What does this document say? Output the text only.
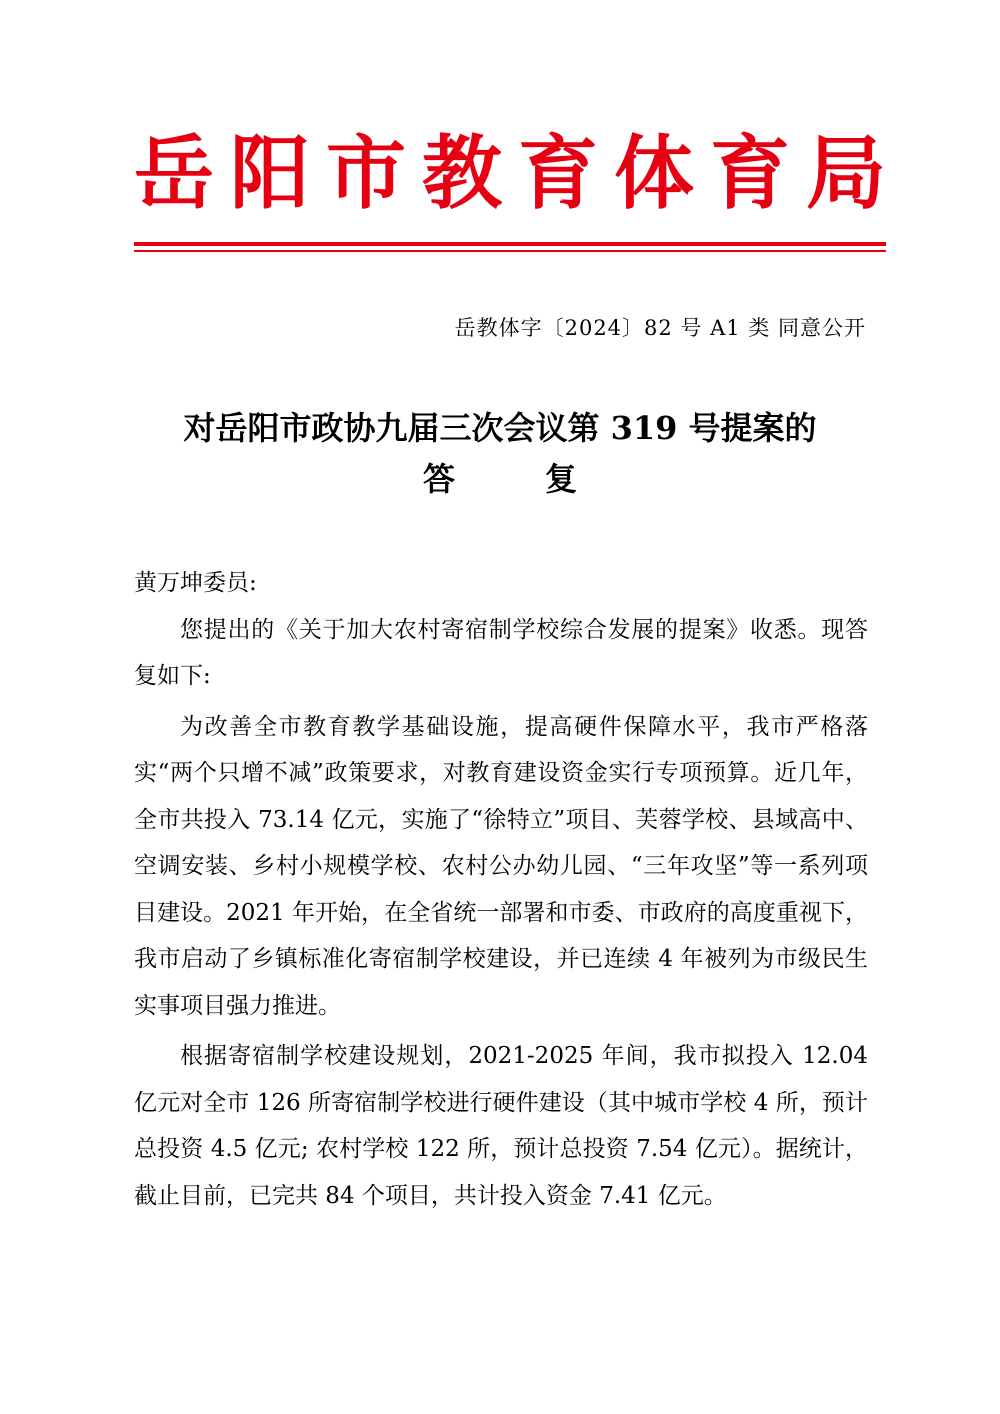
岳 阳 市 教 育 体 育 局
岳教体字〔2024〕82 号 A1 类 同意公开
对岳阳市政协九届三次会议第 319 号提案的
答	复

黄万坤委员:

您提出的《关于加大农村寄宿制学校综合发展的提案》收悉。现答复如下:

为改善全市教育教学基础设施，提高硬件保障水平，我市严格落实“两个只增不减”政策要求，对教育建设资金实行专项预算。近几年，全市共投入 73.14 亿元，实施了“徐特立”项目、芙蓉学校、县域高中、空调安装、乡村小规模学校、农村公办幼儿园、“三年攻坚”等一系列项目建设。2021 年开始，在全省统一部署和市委、市政府的高度重视下，我市启动了乡镇标准化寄宿制学校建设，并已连续 4 年被列为市级民生实事项目强力推进。

根据寄宿制学校建设规划，2021-2025 年间，我市拟投入 12.04 亿元对全市 126 所寄宿制学校进行硬件建设（其中城市学校 4 所，预计总投资 4.5 亿元; 农村学校 122 所，预计总投资 7.54 亿元）。据统计，截止目前，已完共 84 个项目，共计投入资金 7.41 亿元。
